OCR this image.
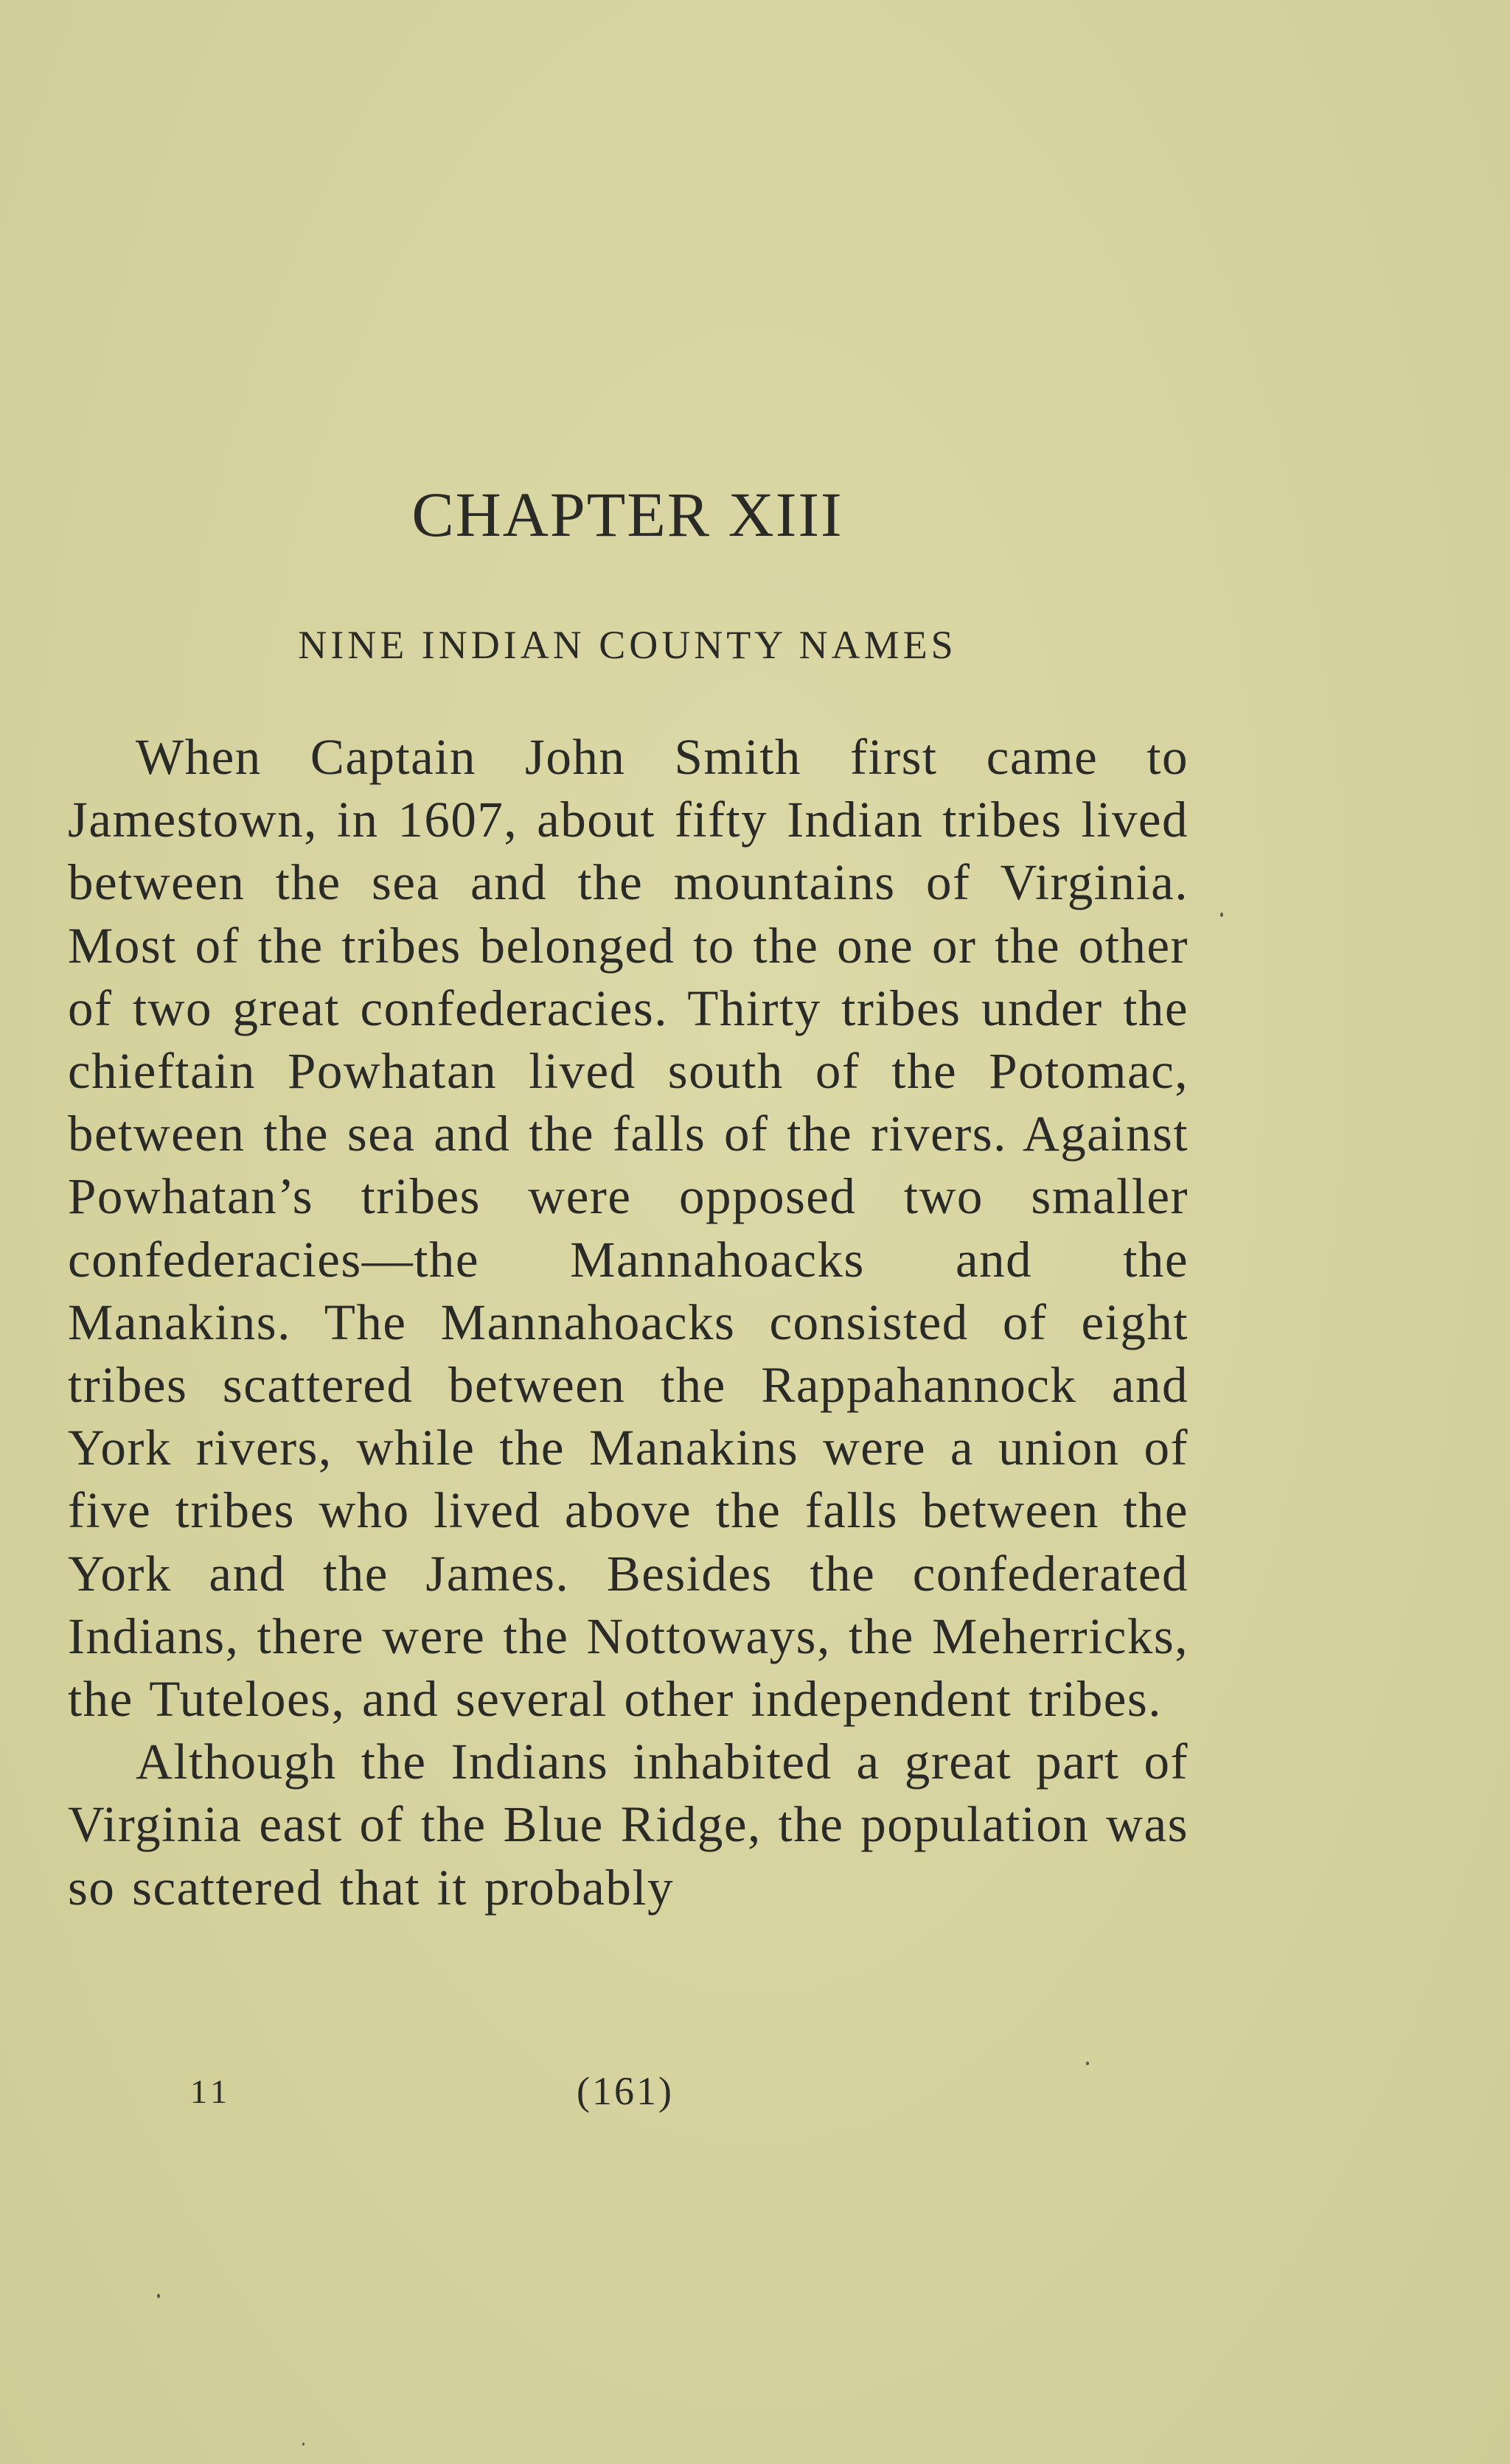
CHAPTER XIII
NINE INDIAN COUNTY NAMES

When Captain John Smith first came to Jamestown, in 1607, about fifty Indian tribes lived between the sea and the mountains of Virginia. Most of the tribes belonged to the one or the other of two great confederacies. Thirty tribes under the chieftain Powhatan lived south of the Potomac, between the sea and the falls of the rivers. Against Powhatan’s tribes were opposed two smaller confederacies—the Mannahoacks and the Manakins. The Mannahoacks consisted of eight tribes scattered between the Rappahannock and York rivers, while the Manakins were a union of five tribes who lived above the falls between the York and the James. Besides the confederated Indians, there were the Nottoways, the Meherricks, the Tuteloes, and several other independent tribes.

Although the Indians inhabited a great part of Virginia east of the Blue Ridge, the population was so scattered that it probably

11	(161)
